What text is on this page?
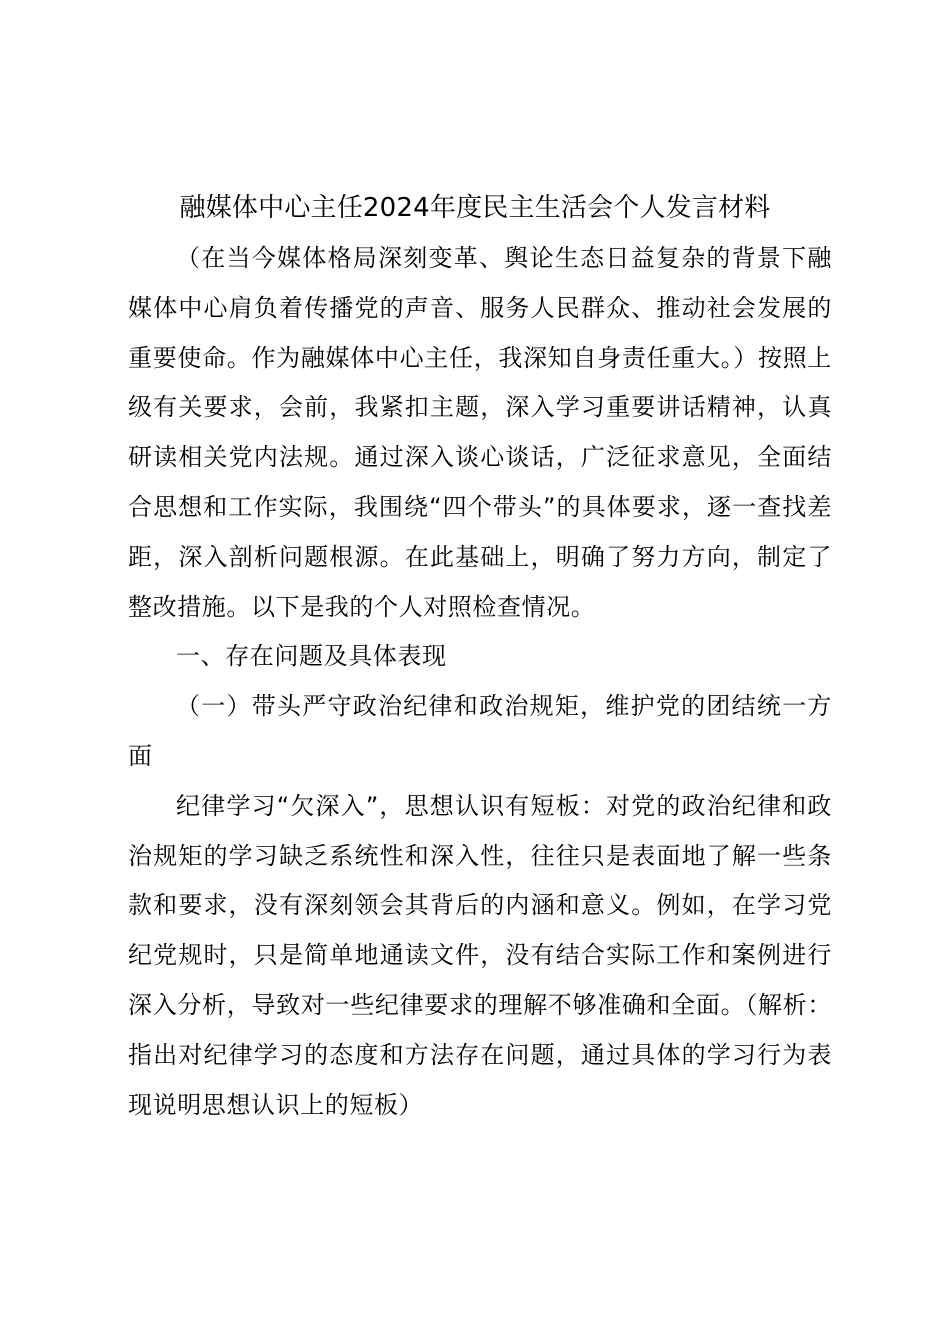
融媒体中心主任2024年度民主生活会个人发言材料

（在当今媒体格局深刻变革、舆论生态日益复杂的背景下融媒体中心肩负着传播党的声音、服务人民群众、推动社会发展的重要使命。作为融媒体中心主任，我深知自身责任重大。）按照上级有关要求，会前，我紧扣主题，深入学习重要讲话精神，认真研读相关党内法规。通过深入谈心谈话，广泛征求意见，全面结合思想和工作实际，我围绕“四个带头”的具体要求，逐一查找差距，深入剖析问题根源。在此基础上，明确了努力方向，制定了整改措施。以下是我的个人对照检查情况。

一、存在问题及具体表现

（一）带头严守政治纪律和政治规矩，维护党的团结统一方面

纪律学习“欠深入”，思想认识有短板：对党的政治纪律和政治规矩的学习缺乏系统性和深入性，往往只是表面地了解一些条款和要求，没有深刻领会其背后的内涵和意义。例如，在学习党纪党规时，只是简单地通读文件，没有结合实际工作和案例进行深入分析，导致对一些纪律要求的理解不够准确和全面。（解析：指出对纪律学习的态度和方法存在问题，通过具体的学习行为表现说明思想认识上的短板）
